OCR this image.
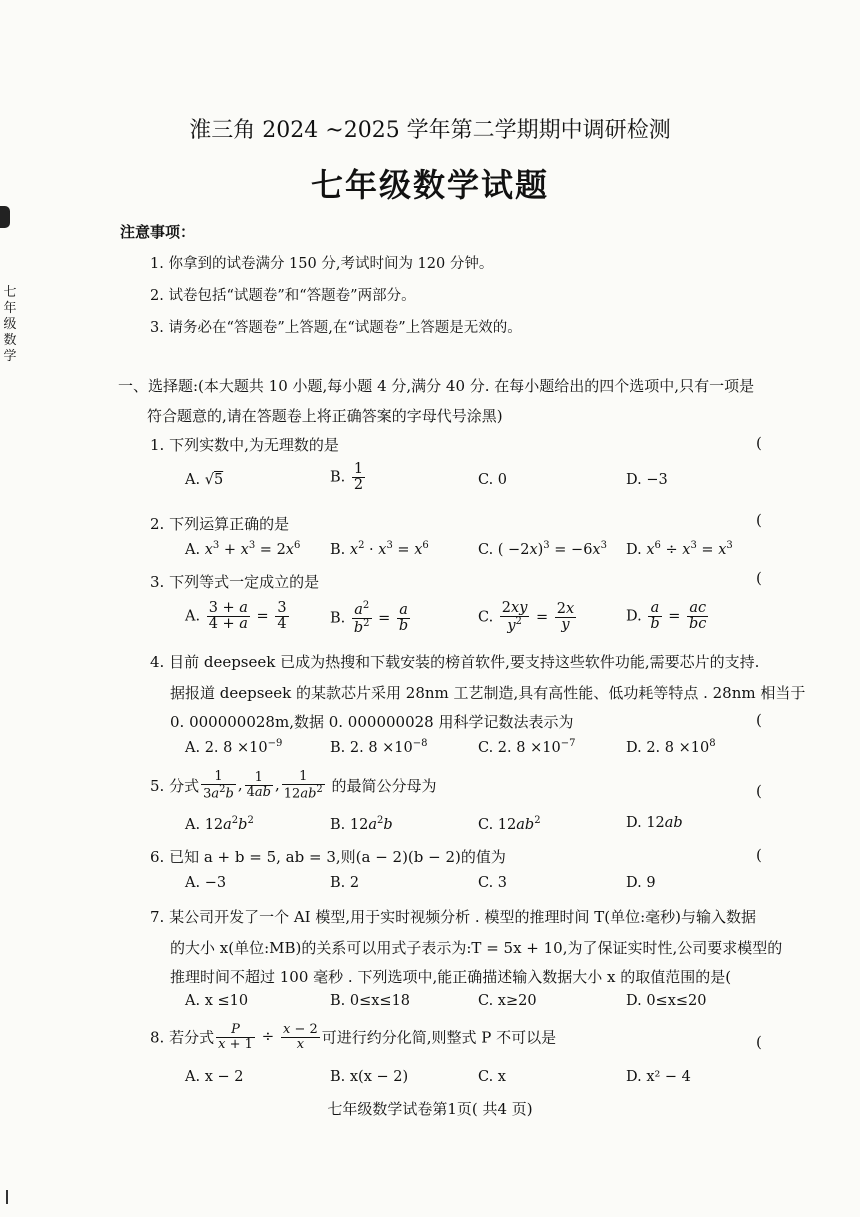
七年级数学
淮三角 2024 ~2025 学年第二学期期中调研检测
七年级数学试题
注意事项：
1. 你拿到的试卷满分 150 分,考试时间为 120 分钟。
2. 试卷包括“试题卷”和“答题卷”两部分。
3. 请务必在“答题卷”上答题,在“试题卷”上答题是无效的。
一、选择题:(本大题共 10 小题,每小题 4 分,满分 40 分. 在每小题给出的四个选项中,只有一项是
符合题意的,请在答题卷上将正确答案的字母代号涂黑)
1. 下列实数中,为无理数的是	(
A. √5	B. $\frac{1}{2}$	C. 0	D. −3
2. 下列运算正确的是	(
A. $x^3 + x^3 = 2x^6$ B. $x^2 \cdot x^3 = x^6$	C. ( $-2x)^3 = -6x^3$ D. $x^6 \div x^3 = x^3$
3. 下列等式一定成立的是	(
A. $\frac{3 + a}{4 + a} = \frac{3}{4}$	B. $\frac{a^2}{b^2} = \frac{a}{b}$	C. $\frac{2xy}{y^2} = \frac{2x}{y}$	D. $\frac{a}{b} = \frac{ac}{bc}$
4. 目前 deepseek 已成为热搜和下载安装的榜首软件,要支持这些软件功能,需要芯片的支持.
据报道 deepseek 的某款芯片采用 28nm 工艺制造,具有高性能、低功耗等特点 . 28nm 相当于
0. 000000028m,数据 0. 000000028 用科学记数法表示为	(
A. 2. $8 \times 10^{-9}$	B. 2. $8 \times 10^{-8}$	C. 2. $8 \times 10^{-7}$	D. 2. $8 \times 10^8$
5. 分式 $\frac{1}{3a^2b}$ , $\frac{1}{4ab}$ , $\frac{1}{12ab^2}$ 的最简公分母为	(
A. $12a^2b^2$	B. $12a^2b$	C. $12ab^2$	D. 12ab
6. 已知 a + b = 5, ab = 3,则(a − 2)(b − 2)的值为	(
A. −3	B. 2	C. 3	D. 9
7. 某公司开发了一个 AI 模型,用于实时视频分析 . 模型的推理时间 T(单位:毫秒)与输入数据
的大小 x(单位:MB)的关系可以用式子表示为:T = 5x + 10,为了保证实时性,公司要求模型的
推理时间不超过 100 毫秒 . 下列选项中,能正确描述输入数据大小 x 的取值范围的是(
A. x ≤10	B. 0≤x≤18	C. x≥20	D. 0≤x≤20
8. 若分式 $\frac{P}{x + 1} \div \frac{x - 2}{x}$ 可进行约分化简,则整式 P 不可以是	(
A. x − 2	B. x(x − 2)	C. x	D. x² − 4
七年级数学试卷第1页( 共4 页)
